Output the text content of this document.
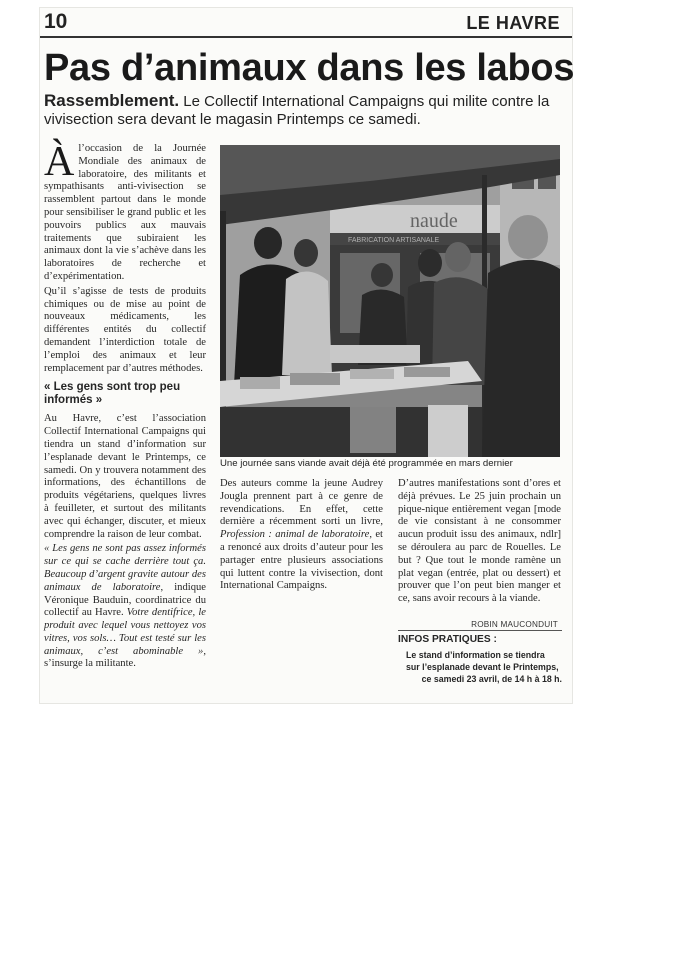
10	LE HAVRE
Pas d’animaux dans les labos
Rassemblement. Le Collectif International Campaigns qui milite contre la vivisection sera devant le magasin Printemps ce samedi.

Àl’occasion de la Journée Mondiale des animaux de laboratoire, des militants et sympathisants anti-vivisection se rassemblent partout dans le monde pour sensibiliser le grand public et les pouvoirs publics aux mauvais traitements que subiraient les animaux dont la vie s’achève dans les laboratoires de recherche et d’expérimentation.

Qu’il s’agisse de tests de produits chimiques ou de mise au point de nouveaux médicaments, les différentes entités du collectif demandent l’interdiction totale de l’emploi des animaux et leur remplacement par d’autres méthodes.

« Les gens sont trop peu informés »

Au Havre, c’est l’association Collectif International Campaigns qui tiendra un stand d’information sur l’esplanade devant le Printemps, ce samedi. On y trouvera notamment des informations, des échantillons de produits végétariens, quelques livres à feuilleter, et surtout des militants avec qui échanger, discuter, et mieux comprendre la raison de leur combat.

« Les gens ne sont pas assez informés sur ce qui se cache derrière tout ça. Beaucoup d’argent gravite autour des animaux de laboratoire, indique Véronique Bauduin, coordinatrice du collectif au Havre. Votre dentifrice, le produit avec lequel vous nettoyez vos vitres, vos sols… Tout est testé sur les animaux, c’est abominable », s’insurge la militante.

naude
FABRICATION ARTISANALE
Une journée sans viande avait déjà été programmée en mars dernier

Des auteurs comme la jeune Audrey Jougla prennent part à ce genre de revendications. En effet, cette dernière a récemment sorti un livre, Profession : animal de laboratoire, et a renoncé aux droits d’auteur pour les partager entre plusieurs associations qui luttent contre la vivisection, dont International Campaigns.

D’autres manifestations sont d’ores et déjà prévues. Le 25 juin prochain un pique-nique entièrement vegan [mode de vie consistant à ne consommer aucun produit issu des animaux, ndlr] se déroulera au parc de Rouelles. Le but ? Que tout le monde ramène un plat vegan (entrée, plat ou dessert) et prouver que l’on peut bien manger et ce, sans avoir recours à la viande.

ROBIN MAUCONDUIT
INFOS PRATIQUES :
Le stand d’information se tiendra
sur l’esplanade devant le Printemps,
ce samedi 23 avril, de 14 h à 18 h.
